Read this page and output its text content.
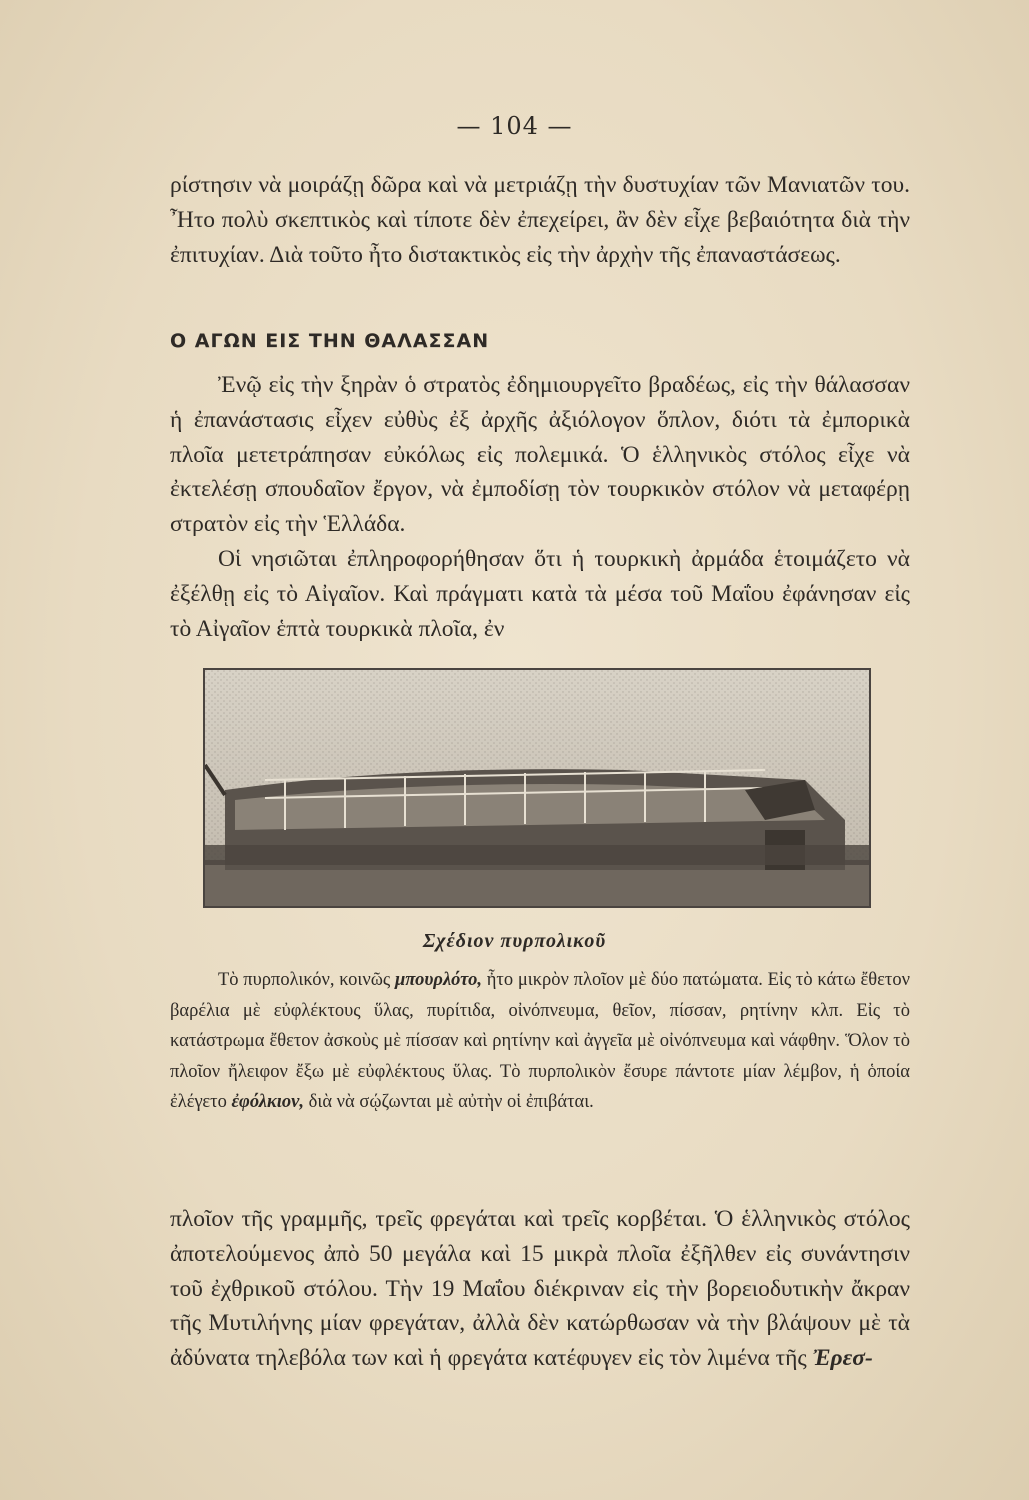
— 104 —

ρίστησιν νὰ μοιράζῃ δῶρα καὶ νὰ μετριάζῃ τὴν δυστυχίαν τῶν Μανιατῶν του. Ἦτο πολὺ σκεπτικὸς καὶ τίποτε δὲν ἐπεχείρει, ἂν δὲν εἶχε βεβαιότητα διὰ τὴν ἐπιτυχίαν. Διὰ τοῦτο ἦτο διστακτικὸς εἰς τὴν ἀρχὴν τῆς ἐπαναστάσεως.

Ο ΑΓΩΝ ΕΙΣ ΤΗΝ ΘΑΛΑΣΣΑΝ

Ἐνῷ εἰς τὴν ξηρὰν ὁ στρατὸς ἐδημιουργεῖτο βραδέως, εἰς τὴν θάλασσαν ἡ ἐπανάστασις εἶχεν εὐθὺς ἐξ ἀρχῆς ἀξιόλογον ὅπλον, διότι τὰ ἐμπορικὰ πλοῖα μετετράπησαν εὐκόλως εἰς πολεμικά. Ὁ ἑλληνικὸς στόλος εἶχε νὰ ἐκτελέσῃ σπουδαῖον ἔργον, νὰ ἐμποδίσῃ τὸν τουρκικὸν στόλον νὰ μεταφέρῃ στρατὸν εἰς τὴν Ἑλλάδα.

Οἱ νησιῶται ἐπληροφορήθησαν ὅτι ἡ τουρκικὴ ἀρμάδα ἑτοιμάζετο νὰ ἐξέλθῃ εἰς τὸ Αἰγαῖον. Καὶ πράγματι κατὰ τὰ μέσα τοῦ Μαΐου ἐφάνησαν εἰς τὸ Αἰγαῖον ἑπτὰ τουρκικὰ πλοῖα, ἐν

Σχέδιον πυρπολικοῦ

Τὸ πυρπολικόν, κοινῶς μπουρλότο, ἦτο μικρὸν πλοῖον μὲ δύο πατώματα. Εἰς τὸ κάτω ἔθετον βαρέλια μὲ εὐφλέκτους ὕλας, πυρίτιδα, οἰνόπνευμα, θεῖον, πίσσαν, ρητίνην κλπ. Εἰς τὸ κατάστρωμα ἔθετον ἀσκοὺς μὲ πίσσαν καὶ ρητίνην καὶ ἀγγεῖα μὲ οἰνόπνευμα καὶ νάφθην. Ὅλον τὸ πλοῖον ἤλειφον ἔξω μὲ εὐφλέκτους ὕλας. Τὸ πυρπολικὸν ἔσυρε πάντοτε μίαν λέμβον, ἡ ὁποία ἐλέγετο ἐφόλκιον, διὰ νὰ σῴζωνται μὲ αὐτὴν οἱ ἐπιβάται.

πλοῖον τῆς γραμμῆς, τρεῖς φρεγάται καὶ τρεῖς κορβέται. Ὁ ἑλληνικὸς στόλος ἀποτελούμενος ἀπὸ 50 μεγάλα καὶ 15 μικρὰ πλοῖα ἐξῆλθεν εἰς συνάντησιν τοῦ ἐχθρικοῦ στόλου. Τὴν 19 Μαΐου διέκριναν εἰς τὴν βορειοδυτικὴν ἄκραν τῆς Μυτιλήνης μίαν φρεγάταν, ἀλλὰ δὲν κατώρθωσαν νὰ τὴν βλάψουν μὲ τὰ ἀδύνατα τηλεβόλα των καὶ ἡ φρεγάτα κατέφυγεν εἰς τὸν λιμένα τῆς Ἐρεσ-
